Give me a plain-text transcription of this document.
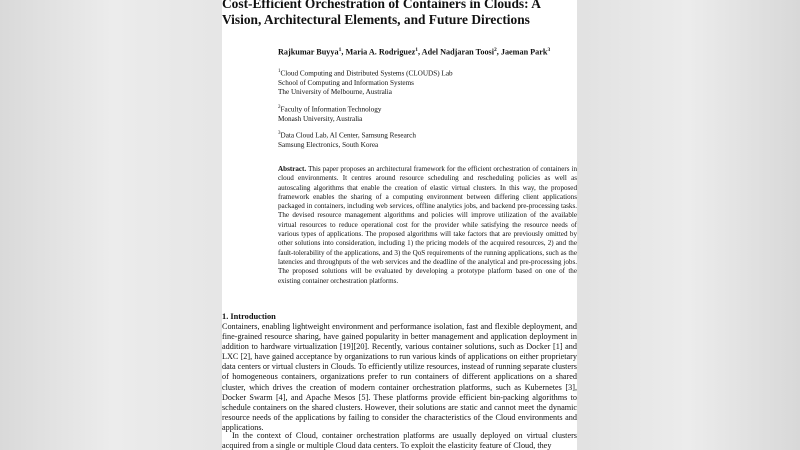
Cost-Efficient Orchestration of Containers in Clouds: A Vision, Architectural Elements, and Future Directions
Rajkumar Buyya$^1$, Maria A. Rodriguez$^1$, Adel Nadjaran Toosi$^2$, Jaeman Park$^3$
$^1$Cloud Computing and Distributed Systems (CLOUDS) Lab
School of Computing and Information Systems
The University of Melbourne, Australia
$^2$Faculty of Information Technology
Monash University, Australia
$^3$Data Cloud Lab, AI Center, Samsung Research
Samsung Electronics, South Korea

Abstract. This paper proposes an architectural framework for the efficient orchestration of containers in cloud environments. It centres around resource scheduling and rescheduling policies as well as autoscaling algorithms that enable the creation of elastic virtual clusters. In this way, the proposed framework enables the sharing of a computing environment between differing client applications packaged in containers, including web services, offline analytics jobs, and backend pre-processing tasks. The devised resource management algorithms and policies will improve utilization of the available virtual resources to reduce operational cost for the provider while satisfying the resource needs of various types of applications. The proposed algorithms will take factors that are previously omitted by other solutions into consideration, including 1) the pricing models of the acquired resources, 2) and the fault-tolerability of the applications, and 3) the QoS requirements of the running applications, such as the latencies and throughputs of the web services and the deadline of the analytical and pre-processing jobs. The proposed solutions will be evaluated by developing a prototype platform based on one of the existing container orchestration platforms.

1. Introduction

Containers, enabling lightweight environment and performance isolation, fast and flexible deployment, and fine-grained resource sharing, have gained popularity in better management and application deployment in addition to hardware virtualization [19][20]. Recently, various container solutions, such as Docker [1] and LXC [2], have gained acceptance by organizations to run various kinds of applications on either proprietary data centers or virtual clusters in Clouds. To efficiently utilize resources, instead of running separate clusters of homogeneous containers, organizations prefer to run containers of different applications on a shared cluster, which drives the creation of modern container orchestration platforms, such as Kubernetes [3], Docker Swarm [4], and Apache Mesos [5]. These platforms provide efficient bin-packing algorithms to schedule containers on the shared clusters. However, their solutions are static and cannot meet the dynamic resource needs of the applications by failing to consider the characteristics of the Cloud environments and applications.

In the context of Cloud, container orchestration platforms are usually deployed on virtual clusters acquired from a single or multiple Cloud data centers. To exploit the elasticity feature of Cloud, they
